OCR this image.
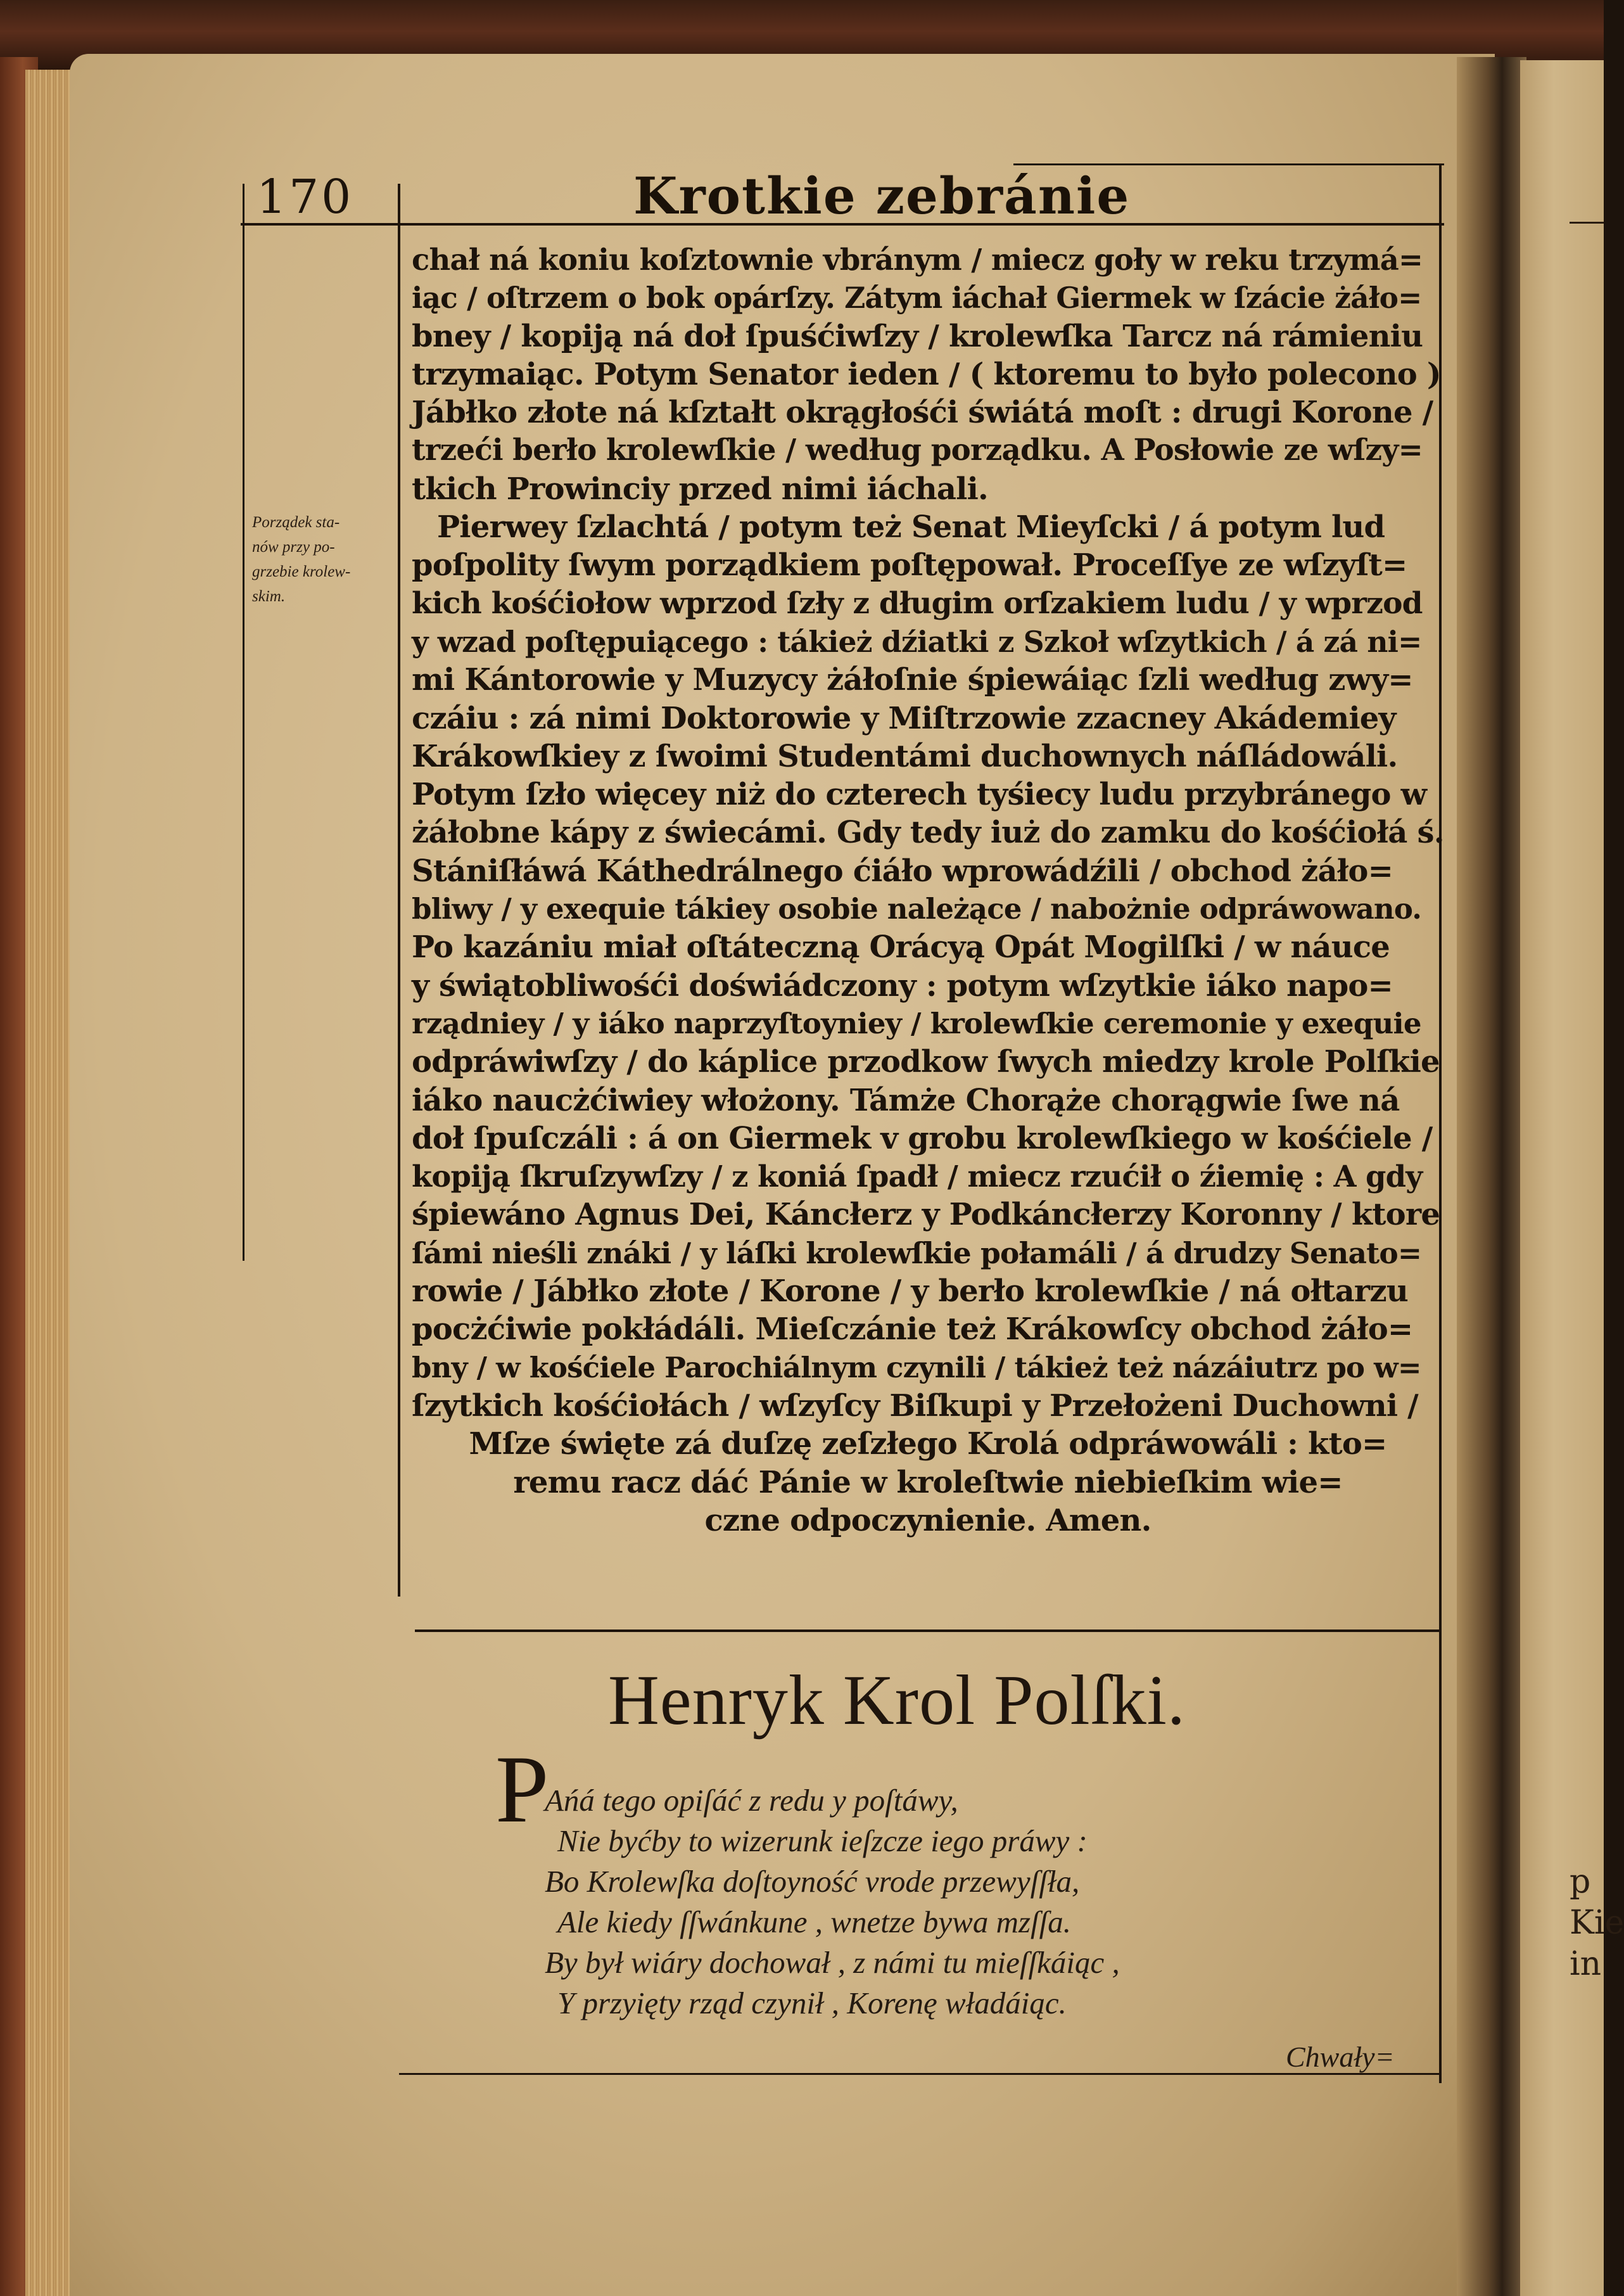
p
Kie
in
170	Krotkie zebránie
Porządek sta-
nów przy po-
grzebie krolew-
skim.
chał ná koniu koſztownie vbránym / miecz goły w reku trzymá=
iąc / oſtrzem o bok opárſzy. Zátym iáchał Giermek w ſzácie żáło=
bney / kopiją ná doł ſpuśćiwſzy / krolewſka Tarcz ná rámieniu
trzymaiąc. Potym Senator ieden / ( ktoremu to było polecono )
Jábłko złote ná kſztałt okrągłośći świátá moſt : drugi Korone /
trzeći berło krolewſkie / według porządku. A Posłowie ze wſzy=
tkich Prowinciy przed nimi iáchali.
Pierwey ſzlachtá / potym też Senat Mieyſcki / á potym lud
poſpolity ſwym porządkiem poſtępował. Proceſſye ze wſzyſt=
kich kośćiołow wprzod ſzły z długim orſzakiem ludu / y wprzod
y wzad poſtępuiącego : tákież dźiatki z Szkoł wſzytkich / á zá ni=
mi Kántorowie y Muzycy żáłoſnie śpiewáiąc ſzli według zwy=
czáiu : zá nimi Doktorowie y Miſtrzowie zzacney Akádemiey
Krákowſkiey z ſwoimi Studentámi duchownych náſládowáli.
Potym ſzło więcey niż do czterech tyśiecy ludu przybránego w
żáłobne kápy z świecámi. Gdy tedy iuż do zamku do kośćiołá ś.
Stániſłáwá Káthedrálnego ćiáło wprowádźili / obchod żáło=
bliwy / y exequie tákiey osobie należące / nabożnie odpráwowano.
Po kazániu miał oſtáteczną Orácyą Opát Mogilſki / w náuce
y świątobliwośći doświádczony : potym wſzytkie iáko napo=
rządniey / y iáko naprzyſtoyniey / krolewſkie ceremonie y exequie
odpráwiwſzy / do káplice przodkow ſwych miedzy krole Polſkie
iáko naucżćiwiey włożony. Támże Chorąże chorągwie ſwe ná
doł ſpuſczáli : á on Giermek v grobu krolewſkiego w kośćiele /
kopiją ſkruſzywſzy / z koniá ſpadł / miecz rzućił o źiemię : A gdy
śpiewáno Agnus Dei, Káncłerz y Podkáncłerzy Koronny / ktore
ſámi nieśli znáki / y láſki krolewſkie połamáli / á drudzy Senato=
rowie / Jábłko złote / Korone / y berło krolewſkie / ná ołtarzu
pocżćiwie pokłádáli. Mieſczánie też Krákowſcy obchod żáło=
bny / w kośćiele Parochiálnym czynili / tákież też názáiutrz po w=
ſzytkich kośćiołách / wſzyſcy Biſkupi y Przełożeni Duchowni /
Mſze święte zá duſzę zeſzłego Krolá odpráwowáli : kto=
remu racz dáć Pánie w kroleſtwie niebieſkim wie=
czne odpoczynienie. Amen.
Henryk Krol Polſki.
P
Ańá tego opiſáć z redu y poſtáwy,
Nie byćby to wizerunk ieſzcze iego práwy :
Bo Krolewſka doſtoyność vrode przewyſſła,
Ale kiedy ſſwánkune , wnetze bywa mzſſa.
By był wiáry dochował , z námi tu mieſſkáiąc ,
Y przyięty rząd czynił , Korenę władáiąc.
Chwały=
